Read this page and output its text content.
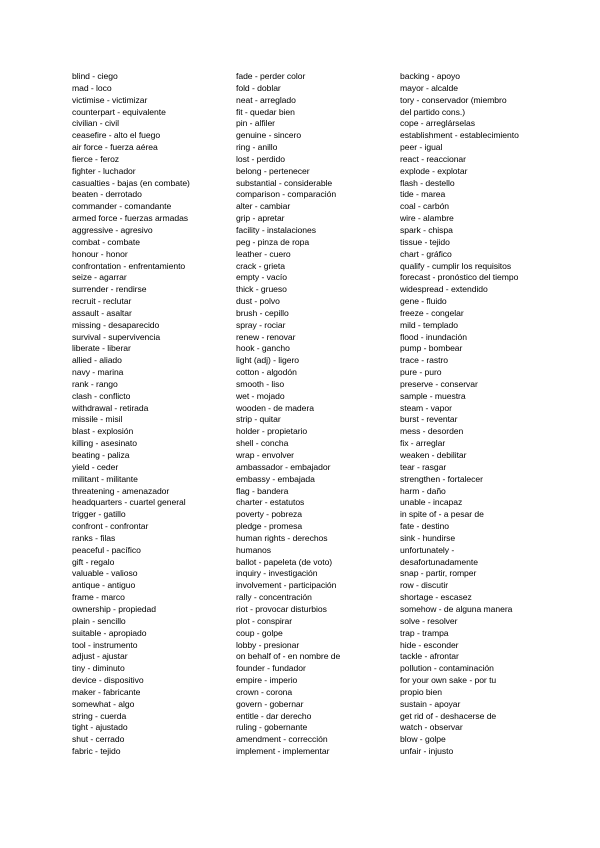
blind - ciego
mad - loco
victimise - victimizar
counterpart - equivalente
civilian - civil
ceasefire - alto el fuego
air force - fuerza aérea
fierce - feroz
fighter - luchador
casualties - bajas (en combate)
beaten - derrotado
commander - comandante
armed force - fuerzas armadas
aggressive - agresivo
combat - combate
honour - honor
confrontation - enfrentamiento
seize - agarrar
surrender - rendirse
recruit - reclutar
assault - asaltar
missing - desaparecido
survival - supervivencia
liberate - liberar
allied - aliado
navy - marina
rank - rango
clash - conflicto
withdrawal - retirada
missile - misil
blast - explosión
killing - asesinato
beating - paliza
yield - ceder
militant - militante
threatening - amenazador
headquarters - cuartel general
trigger - gatillo
confront - confrontar
ranks - filas
peaceful - pacífico
gift - regalo
valuable - valioso
antique - antiguo
frame - marco
ownership - propiedad
plain - sencillo
suitable - apropiado
tool - instrumento
adjust - ajustar
tiny - diminuto
device - dispositivo
maker - fabricante
somewhat - algo
string - cuerda
tight - ajustado
shut - cerrado
fabric - tejido
fade - perder color
fold - doblar
neat - arreglado
fit - quedar bien
pin - alfiler
genuine - sincero
ring - anillo
lost - perdido
belong - pertenecer
substantial - considerable
comparison - comparación
alter - cambiar
grip - apretar
facility - instalaciones
peg - pinza de ropa
leather - cuero
crack - grieta
empty - vacío
thick - grueso
dust - polvo
brush - cepillo
spray - rociar
renew - renovar
hook - gancho
light (adj) - ligero
cotton - algodón
smooth - liso
wet - mojado
wooden - de madera
strip - quitar
holder - propietario
shell - concha
wrap - envolver
ambassador - embajador
embassy - embajada
flag - bandera
charter - estatutos
poverty - pobreza
pledge - promesa
human rights - derechos
humanos
ballot - papeleta (de voto)
inquiry - investigación
involvement - participación
rally - concentración
riot - provocar disturbios
plot - conspirar
coup - golpe
lobby - presionar
on behalf of - en nombre de
founder - fundador
empire - imperio
crown - corona
govern - gobernar
entitle - dar derecho
ruling - gobernante
amendment - corrección
implement - implementar
backing - apoyo
mayor - alcalde
tory - conservador (miembro
del partido cons.)
cope - arreglárselas
establishment - establecimiento
peer - igual
react - reaccionar
explode - explotar
flash - destello
tide - marea
coal - carbón
wire - alambre
spark - chispa
tissue - tejido
chart - gráfico
qualify - cumplir los requisitos
forecast - pronóstico del tiempo
widespread - extendido
gene - fluido
freeze - congelar
mild - templado
flood - inundación
pump - bombear
trace - rastro
pure - puro
preserve - conservar
sample - muestra
steam - vapor
burst - reventar
mess - desorden
fix - arreglar
weaken - debilitar
tear - rasgar
strengthen - fortalecer
harm - daño
unable - incapaz
in spite of - a pesar de
fate - destino
sink - hundirse
unfortunately -
desafortunadamente
snap - partir, romper
row - discutir
shortage - escasez
somehow - de alguna manera
solve - resolver
trap - trampa
hide - esconder
tackle - afrontar
pollution - contaminación
for your own sake - por tu
propio bien
sustain - apoyar
get rid of - deshacerse de
watch - observar
blow - golpe
unfair - injusto
